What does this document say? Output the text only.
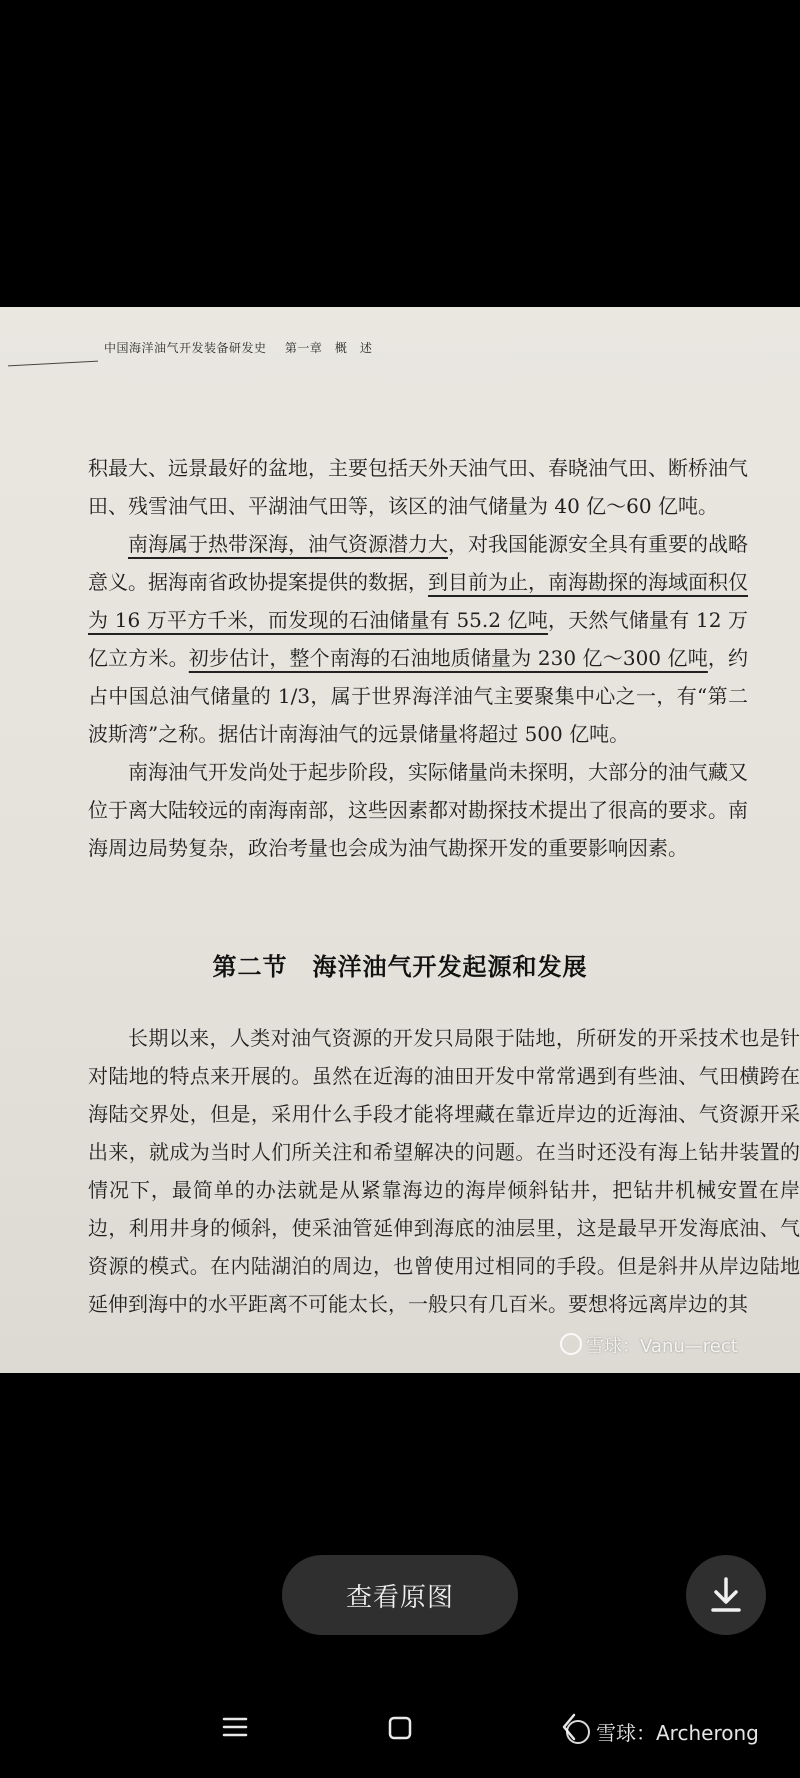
中国海洋油气开发装备研发史 第一章　概　述

积最大、远景最好的盆地，主要包括天外天油气田、春晓油气田、断桥油气田、残雪油气田、平湖油气田等，该区的油气储量为 40 亿～60 亿吨。

南海属于热带深海，油气资源潜力大，对我国能源安全具有重要的战略意义。据海南省政协提案提供的数据，到目前为止，南海勘探的海域面积仅为 16 万平方千米，而发现的石油储量有 55.2 亿吨，天然气储量有 12 万亿立方米。初步估计，整个南海的石油地质储量为 230 亿～300 亿吨，约占中国总油气储量的 1/3，属于世界海洋油气主要聚集中心之一，有“第二波斯湾”之称。据估计南海油气的远景储量将超过 500 亿吨。

南海油气开发尚处于起步阶段，实际储量尚未探明，大部分的油气藏又位于离大陆较远的南海南部，这些因素都对勘探技术提出了很高的要求。南海周边局势复杂，政治考量也会成为油气勘探开发的重要影响因素。

第二节　海洋油气开发起源和发展

长期以来，人类对油气资源的开发只局限于陆地，所研发的开采技术也是针对陆地的特点来开展的。虽然在近海的油田开发中常常遇到有些油、气田横跨在海陆交界处，但是，采用什么手段才能将埋藏在靠近岸边的近海油、气资源开采出来，就成为当时人们所关注和希望解决的问题。在当时还没有海上钻井装置的情况下，最简单的办法就是从紧靠海边的海岸倾斜钻井，把钻井机械安置在岸边，利用井身的倾斜，使采油管延伸到海底的油层里，这是最早开发海底油、气资源的模式。在内陆湖泊的周边，也曾使用过相同的手段。但是斜井从岸边陆地延伸到海中的水平距离不可能太长，一般只有几百米。要想将远离岸边的其

雪球：Vanu—rect
查看原图
雪球：Archerong
